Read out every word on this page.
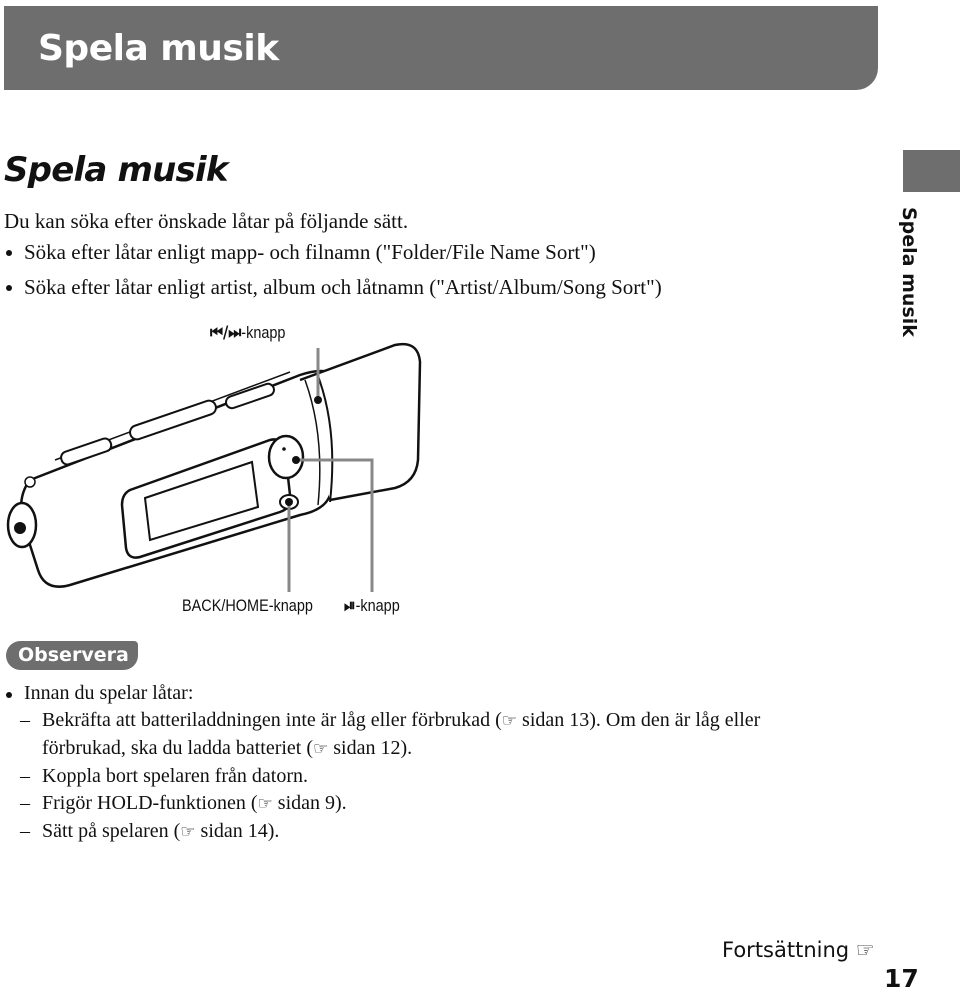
Spela musik
Spela musik
Spela musik
Du kan söka efter önskade låtar på följande sätt.
Söka efter låtar enligt mapp- och filnamn ("Folder/File Name Sort")
Söka efter låtar enligt artist, album och låtnamn ("Artist/Album/Song Sort")
⏮/⏭-knapp
BACK/HOME-knapp ⏯-knapp
Observera
Innan du spelar låtar:
– Bekräfta att batteriladdningen inte är låg eller förbrukad (☞ sidan 13). Om den är låg eller förbrukad, ska du ladda batteriet (☞ sidan 12).
– Koppla bort spelaren från datorn.
– Frigör HOLD-funktionen (☞ sidan 9).
– Sätt på spelaren (☞ sidan 14).
Fortsättning ☞
17
